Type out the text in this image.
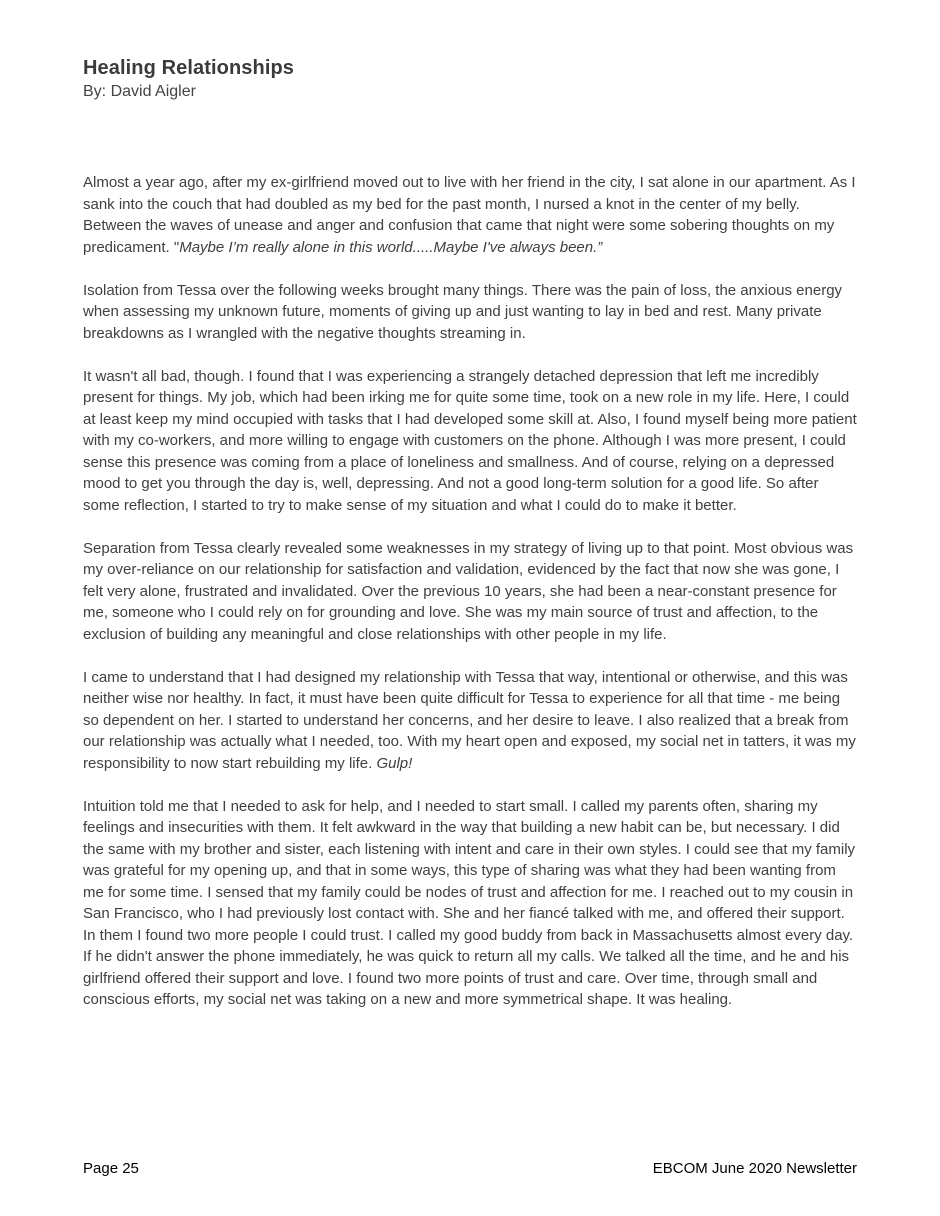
Healing Relationships
By: David Aigler

Almost a year ago, after my ex-girlfriend moved out to live with her friend in the city, I sat alone in our apartment. As I sank into the couch that had doubled as my bed for the past month, I nursed a knot in the center of my belly. Between the waves of unease and anger and confusion that came that night were some sobering thoughts on my predicament. "Maybe I’m really alone in this world.....Maybe I've always been.”

Isolation from Tessa over the following weeks brought many things. There was the pain of loss, the anxious energy when assessing my unknown future, moments of giving up and just wanting to lay in bed and rest. Many private breakdowns as I wrangled with the negative thoughts streaming in.

It wasn't all bad, though. I found that I was experiencing a strangely detached depression that left me incredibly present for things. My job, which had been irking me for quite some time, took on a new role in my life. Here, I could at least keep my mind occupied with tasks that I had developed some skill at. Also, I found myself being more patient with my co-workers, and more willing to engage with customers on the phone. Although I was more present, I could sense this presence was coming from a place of loneliness and smallness. And of course, relying on a depressed mood to get you through the day is, well, depressing. And not a good long-term solution for a good life. So after some reflection, I started to try to make sense of my situation and what I could do to make it better.

Separation from Tessa clearly revealed some weaknesses in my strategy of living up to that point. Most obvious was my over-reliance on our relationship for satisfaction and validation, evidenced by the fact that now she was gone, I felt very alone, frustrated and invalidated. Over the previous 10 years, she had been a near-constant presence for me, someone who I could rely on for grounding and love. She was my main source of trust and affection, to the exclusion of building any meaningful and close relationships with other people in my life.

I came to understand that I had designed my relationship with Tessa that way, intentional or otherwise, and this was neither wise nor healthy. In fact, it must have been quite difficult for Tessa to experience for all that time - me being so dependent on her. I started to understand her concerns, and her desire to leave. I also realized that a break from our relationship was actually what I needed, too. With my heart open and exposed, my social net in tatters, it was my responsibility to now start rebuilding my life. Gulp!

Intuition told me that I needed to ask for help, and I needed to start small. I called my parents often, sharing my feelings and insecurities with them. It felt awkward in the way that building a new habit can be, but necessary. I did the same with my brother and sister, each listening with intent and care in their own styles. I could see that my family was grateful for my opening up, and that in some ways, this type of sharing was what they had been wanting from me for some time. I sensed that my family could be nodes of trust and affection for me. I reached out to my cousin in San Francisco, who I had previously lost contact with. She and her fiancé talked with me, and offered their support. In them I found two more people I could trust. I called my good buddy from back in Massachusetts almost every day. If he didn't answer the phone immediately, he was quick to return all my calls. We talked all the time, and he and his girlfriend offered their support and love. I found two more points of trust and care. Over time, through small and conscious efforts, my social net was taking on a new and more symmetrical shape. It was healing.

Page 25	EBCOM June 2020 Newsletter
